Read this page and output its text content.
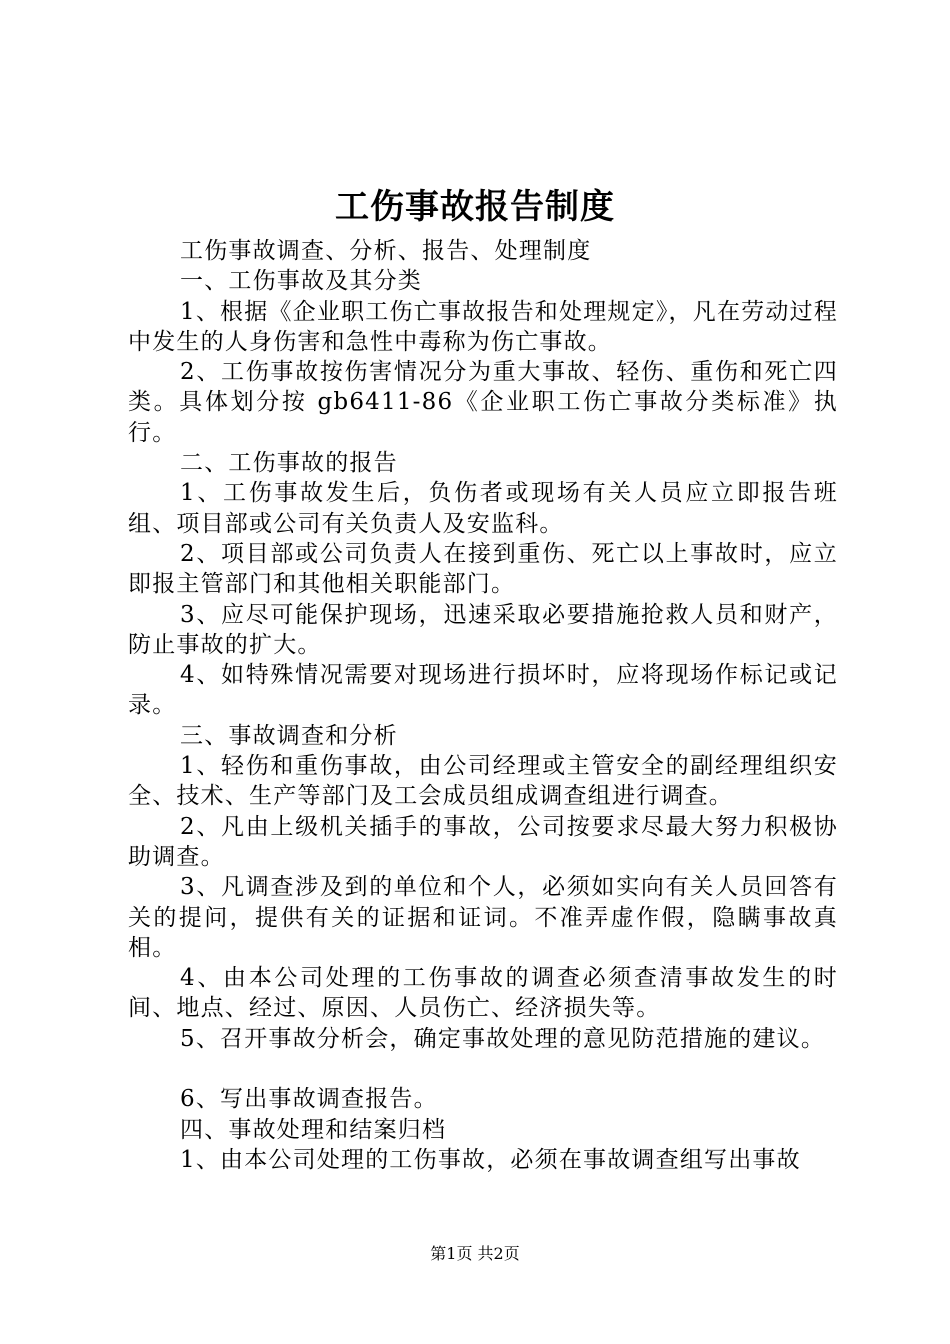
工伤事故报告制度

工伤事故调查、分析、报告、处理制度

一、工伤事故及其分类

1、根据《企业职工伤亡事故报告和处理规定》，凡在劳动过程中发生的人身伤害和急性中毒称为伤亡事故。

2、工伤事故按伤害情况分为重大事故、轻伤、重伤和死亡四类。具体划分按 gb6411-86《企业职工伤亡事故分类标准》执行。

二、工伤事故的报告

1、工伤事故发生后，负伤者或现场有关人员应立即报告班组、项目部或公司有关负责人及安监科。

2、项目部或公司负责人在接到重伤、死亡以上事故时，应立即报主管部门和其他相关职能部门。

3、应尽可能保护现场，迅速采取必要措施抢救人员和财产，防止事故的扩大。

4、如特殊情况需要对现场进行损坏时，应将现场作标记或记录。

三、事故调查和分析

1、轻伤和重伤事故，由公司经理或主管安全的副经理组织安全、技术、生产等部门及工会成员组成调查组进行调查。

2、凡由上级机关插手的事故，公司按要求尽最大努力积极协助调查。

3、凡调查涉及到的单位和个人，必须如实向有关人员回答有关的提问，提供有关的证据和证词。不准弄虚作假，隐瞒事故真相。

4、由本公司处理的工伤事故的调查必须查清事故发生的时间、地点、经过、原因、人员伤亡、经济损失等。

5、召开事故分析会，确定事故处理的意见防范措施的建议。

6、写出事故调查报告。

四、事故处理和结案归档

1、由本公司处理的工伤事故，必须在事故调查组写出事故

第1页 共2页
